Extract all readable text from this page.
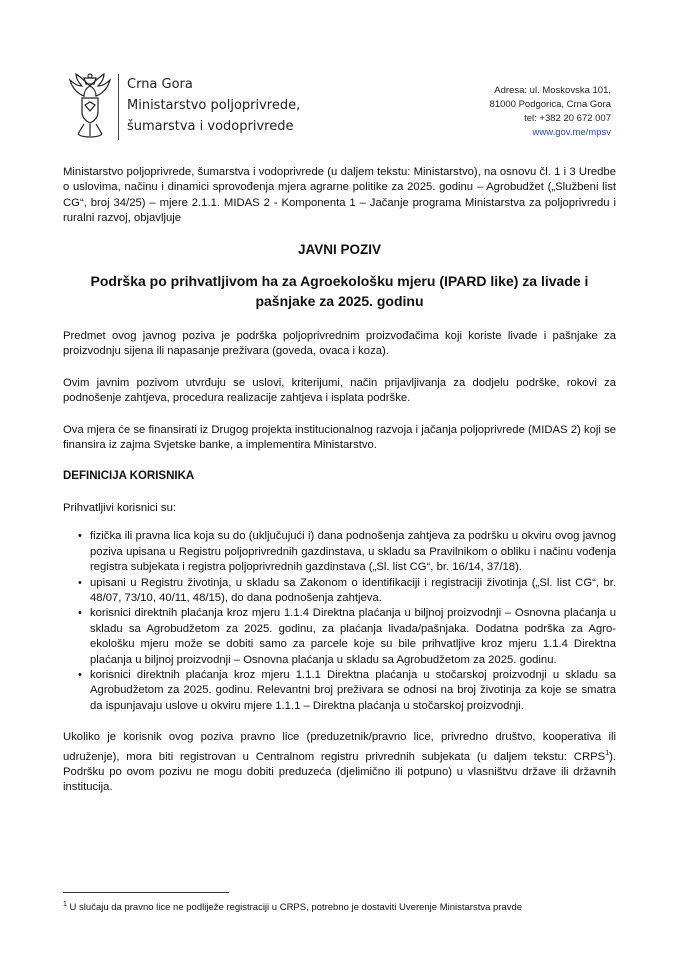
Crna Gora
Ministarstvo poljoprivrede,
šumarstva i vodoprivrede
Adresa: ul. Moskovska 101,
81000 Podgorica, Crna Gora
tel: +382 20 672 007
www.gov.me/mpsv

Ministarstvo poljoprivrede, šumarstva i vodoprivrede (u daljem tekstu: Ministarstvo), na osnovu čl. 1 i 3 Uredbe o uslovima, načinu i dinamici sprovođenja mjera agrarne politike za 2025. godinu – Agrobudžet („Službeni list CG“, broj 34/25) – mjere 2.1.1. MIDAS 2 - Komponenta 1 – Jačanje programa Ministarstva za poljoprivredu i ruralni razvoj, objavljuje

JAVNI POZIV
Podrška po prihvatljivom ha za Agroekološku mjeru (IPARD like) za livade i pašnjake za 2025. godinu

Predmet ovog javnog poziva je podrška poljoprivrednim proizvođačima koji koriste livade i pašnjake za proizvodnju sijena ili napasanje preživara (goveda, ovaca i koza).

Ovim javnim pozivom utvrđuju se uslovi, kriterijumi, način prijavljivanja za dodjelu podrške, rokovi za podnošenje zahtjeva, procedura realizacije zahtjeva i isplata podrške.

Ova mjera će se finansirati iz Drugog projekta institucionalnog razvoja i jačanja poljoprivrede (MIDAS 2) koji se finansira iz zajma Svjetske banke, a implementira Ministarstvo.

DEFINICIJA KORISNIKA

Prihvatljivi korisnici su:

• fizička ili pravna lica koja su do (uključujući i) dana podnošenja zahtjeva za podršku u okviru ovog javnog poziva upisana u Registru poljoprivrednih gazdinstava, u skladu sa Pravilnikom o obliku i načinu vođenja registra subjekata i registra poljoprivrednih gazdinstava („Sl. list CG“, br. 16/14, 37/18).
• upisani u Registru životinja, u skladu sa Zakonom o identifikaciji i registraciji životinja („Sl. list CG“, br. 48/07, 73/10, 40/11, 48/15), do dana podnošenja zahtjeva.
• korisnici direktnih plaćanja kroz mjeru 1.1.4 Direktna plaćanja u biljnoj proizvodnji – Osnovna plaćanja u skladu sa Agrobudžetom za 2025. godinu, za plaćanja livada/pašnjaka. Dodatna podrška za Agro-ekološku mjeru može se dobiti samo za parcele koje su bile prihvatljive kroz mjeru 1.1.4 Direktna plaćanja u biljnoj proizvodnji – Osnovna plaćanja u skladu sa Agrobudžetom za 2025. godinu.
• korisnici direktnih plaćanja kroz mjeru 1.1.1 Direktna plaćanja u stočarskoj proizvodnji u skladu sa Agrobudžetom za 2025. godinu. Relevantni broj preživara se odnosi na broj životinja za koje se smatra da ispunjavaju uslove u okviru mjere 1.1.1 – Direktna plaćanja u stočarskoj proizvodnji.

Ukoliko je korisnik ovog poziva pravno lice (preduzetnik/pravno lice, privredno društvo, kooperativa ili udruženje), mora biti registrovan u Centralnom registru privrednih subjekata (u daljem tekstu: CRPS$^1$). Podršku po ovom pozivu ne mogu dobiti preduzeća (djelimično ili potpuno) u vlasništvu države ili državnih institucija.

$^1$ U slučaju da pravno lice ne podliježe registraciji u CRPS, potrebno je dostaviti Uverenje Ministarstva pravde
